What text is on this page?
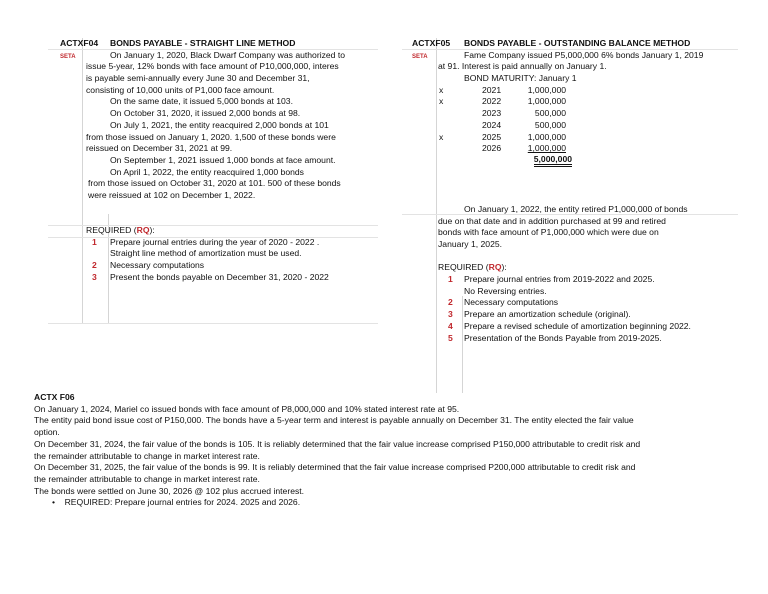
ACTXF04 BONDS PAYABLE - STRAIGHT LINE METHOD
SETA	On January 1, 2020, Black Dwarf Company was authorized to
issue 5-year, 12% bonds with face amount of P10,000,000, interes
is payable semi-annually every June 30 and December 31,
consisting of 10,000 units of P1,000 face amount.
On the same date, it issued 5,000 bonds at 103.
On October 31, 2020, it issued 2,000 bonds at 98.
On July 1, 2021, the entity reacquired 2,000 bonds at 101
from those issued on January 1, 2020. 1,500 of these bonds were
reissued on December 31, 2021 at 99.
On September 1, 2021 issued 1,000 bonds at face amount.
On April 1, 2022, the entity reacquired 1,000 bonds
from those issued on October 31, 2020 at 101. 500 of these bonds
were reissued at 102 on December 1, 2022.
REQUIRED (RQ):
1 Prepare journal entries during the year of 2020 - 2022 .
Straight line method of amortization must be used.
2 Necessary computations
3 Present the bonds payable on December 31, 2020 - 2022
ACTXF05 BONDS PAYABLE - OUTSTANDING BALANCE METHOD
SETA	Fame Company issued P5,000,000 6% bonds January 1, 2019
at 91. Interest is paid annually on January 1.
BOND MATURITY: January 1
x	2021	1,000,000
x	2022	1,000,000
2023	500,000
2024	500,000
x	2025	1,000,000
2026	1,000,000
5,000,000
On January 1, 2022, the entity retired P1,000,000 of bonds
due on that date and in addition purchased at 99 and retired
bonds with face amount of P1,000,000 which were due on
January 1, 2025.
REQUIRED (RQ):
1 Prepare journal entries from 2019-2022 and 2025.
No Reversing entries.
2 Necessary computations
3 Prepare an amortization schedule (original).
4 Prepare a revised schedule of amortization beginning 2022.
5 Presentation of the Bonds Payable from 2019-2025.

ACTX F06

On January 1, 2024, Mariel co issued bonds with face amount of P8,000,000 and 10% stated interest rate at 95.

The entity paid bond issue cost of P150,000. The bonds have a 5-year term and interest is payable annually on December 31. The entity elected the fair value

option.

On December 31, 2024, the fair value of the bonds is 105. It is reliably determined that the fair value increase comprised P150,000 attributable to credit risk and

the remainder attributable to change in market interest rate.

On December 31, 2025, the fair value of the bonds is 99. It is reliably determined that the fair value increase comprised P200,000 attributable to credit risk and

the remainder attributable to change in market interest rate.

The bonds were settled on June 30, 2026 @ 102 plus accrued interest.

• REQUIRED: Prepare journal entries for 2024. 2025 and 2026.
